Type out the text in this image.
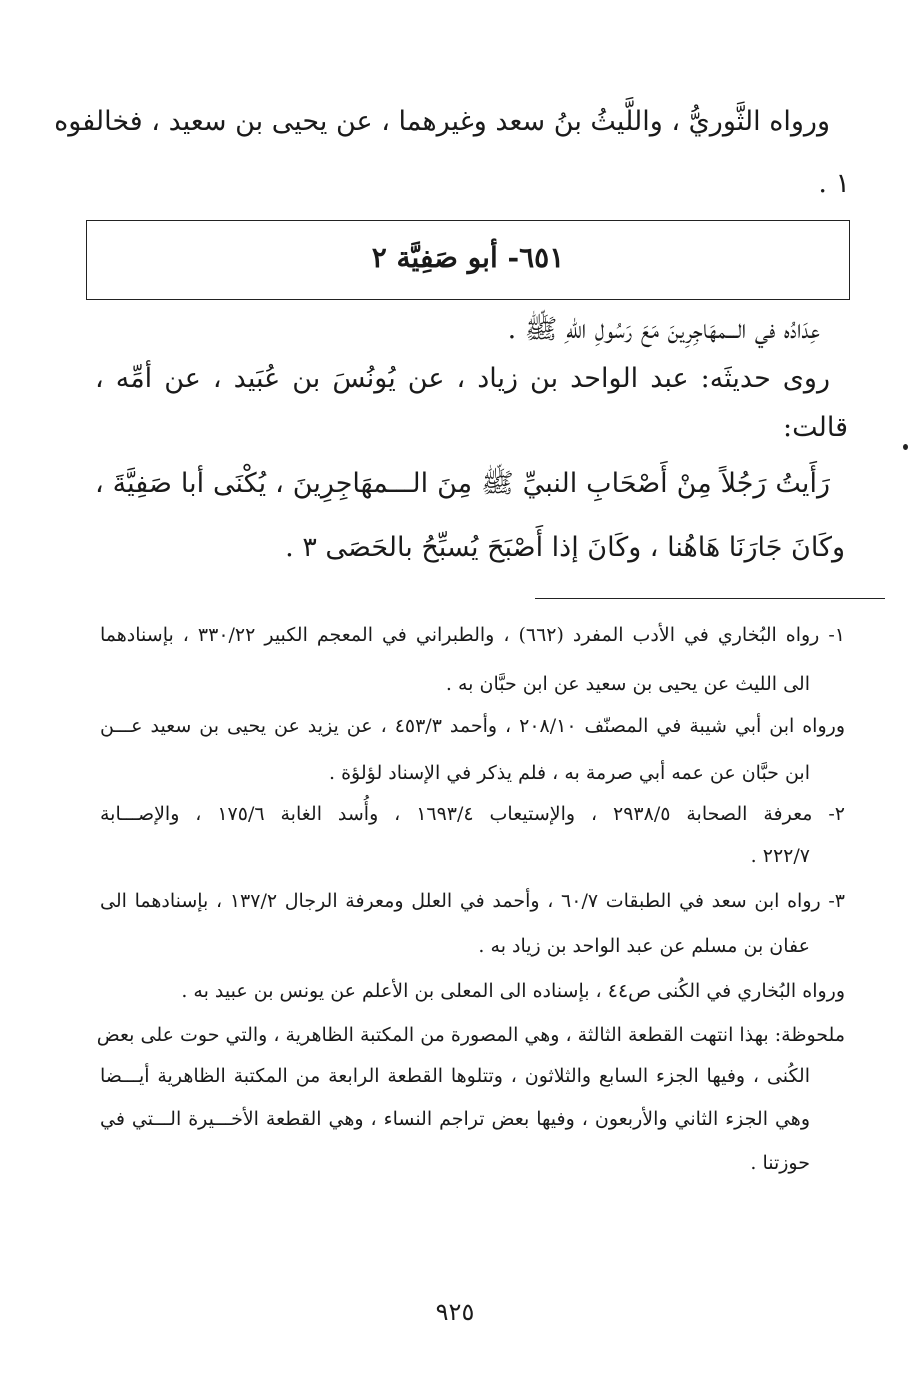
ورواه الثَّوريُّ ، واللَّيثُ بنُ سعد وغيرهما ، عن يحيى بن سعيد ، فخالفوه
١ .
٦٥١- أبو صَفِيَّة ٢
عِدَادُه في الـــمهَاجِرِينَ مَعَ رَسُولِ اللهِ ﷺ .
روى حديثَه: عبد الواحد بن زياد ، عن يُونُسَ بن عُبَيد ، عن أمِّه ،
قالت:
رَأَيتُ رَجُلاً مِنْ أَصْحَابِ النبيِّ ﷺ مِنَ الـــمهَاجِرِينَ ، يُكْنَى أبا صَفِيَّةَ ،
وكَانَ جَارَنَا هَاهُنا ، وكَانَ إذا أَصْبَحَ يُسبِّحُ بالحَصَى ٣ .
١- رواه البُخاري في الأدب المفرد (٦٦٢) ، والطبراني في المعجم الكبير ٣٣٠/٢٢ ، بإسنادهما
الى الليث عن يحيى بن سعيد عن ابن حبَّان به .
ورواه ابن أبي شيبة في المصنّف ٢٠٨/١٠ ، وأحمد ٤٥٣/٣ ، عن يزيد عن يحيى بن سعيد عـــن
ابن حبَّان عن عمه أبي صرمة به ، فلم يذكر في الإسناد لؤلؤة .
٢- معرفة الصحابة ٢٩٣٨/٥ ، والإستيعاب ١٦٩٣/٤ ، وأُسد الغابة ١٧٥/٦ ، والإصـــابة
٢٢٢/٧ .
٣- رواه ابن سعد في الطبقات ٦٠/٧ ، وأحمد في العلل ومعرفة الرجال ١٣٧/٢ ، بإسنادهما الى
عفان بن مسلم عن عبد الواحد بن زياد به .
ورواه البُخاري في الكُنى ص٤٤ ، بإسناده الى المعلى بن الأعلم عن يونس بن عبيد به .
ملحوظة: بهذا انتهت القطعة الثالثة ، وهي المصورة من المكتبة الظاهرية ، والتي حوت على بعض
الكُنى ، وفيها الجزء السابع والثلاثون ، وتتلوها القطعة الرابعة من المكتبة الظاهرية أيـــضا
وهي الجزء الثاني والأربعون ، وفيها بعض تراجم النساء ، وهي القطعة الأخـــيرة الـــتي في
حوزتنا .
٩٢٥
